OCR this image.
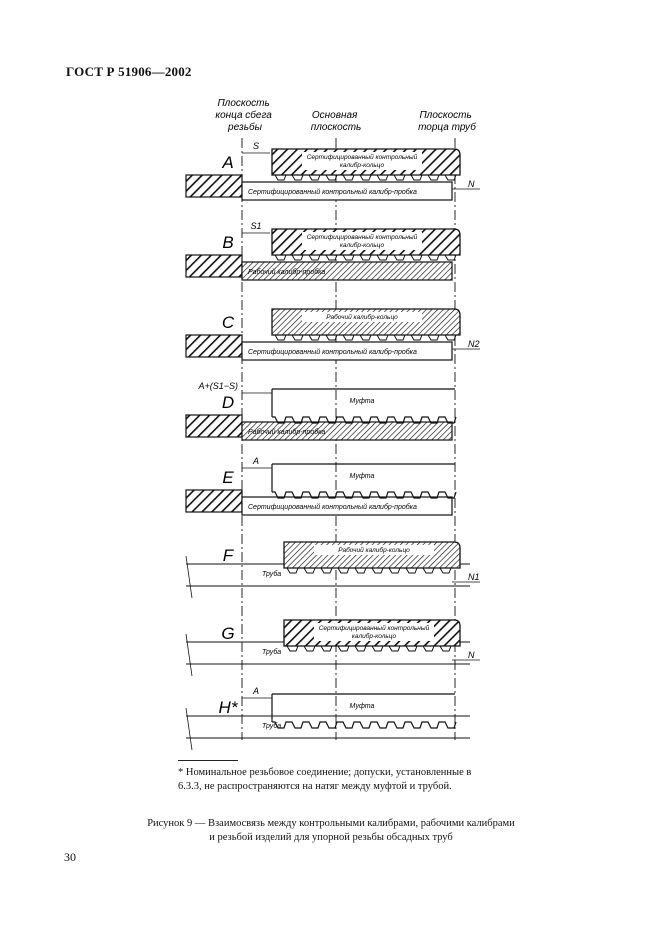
ГОСТ Р 51906—2002
Плоскость конца сбега резьбы
Основная плоскость
Плоскость торца труб
A
Сертифицированный контрольный калибр-пробка
Сертифицированный контрольный калибр-кольцо
S
N
B
Рабочий калибр-пробка
Сертифицированный контрольный калибр-кольцо
S1
C
Сертифицированный контрольный калибр-пробка
Рабочий калибр-кольцо
N2
D
Рабочий калибр-пробка
Муфта
A+(S1−S)
E
Сертифицированный контрольный калибр-пробка
Муфта
A
F
Труба
Рабочий калибр-кольцо
N1
G
Труба
Сертифицированный контрольный калибр-кольцо
N
H*
Труба
Муфта
A
* Номинальное резьбовое соединение; допуски, установленные в 6.3.3, не распространяются на натяг между муфтой и трубой.
Рисунок 9 — Взаимосвязь между контрольными калибрами, рабочими калибрами и резьбой изделий для упорной резьбы обсадных труб
30
